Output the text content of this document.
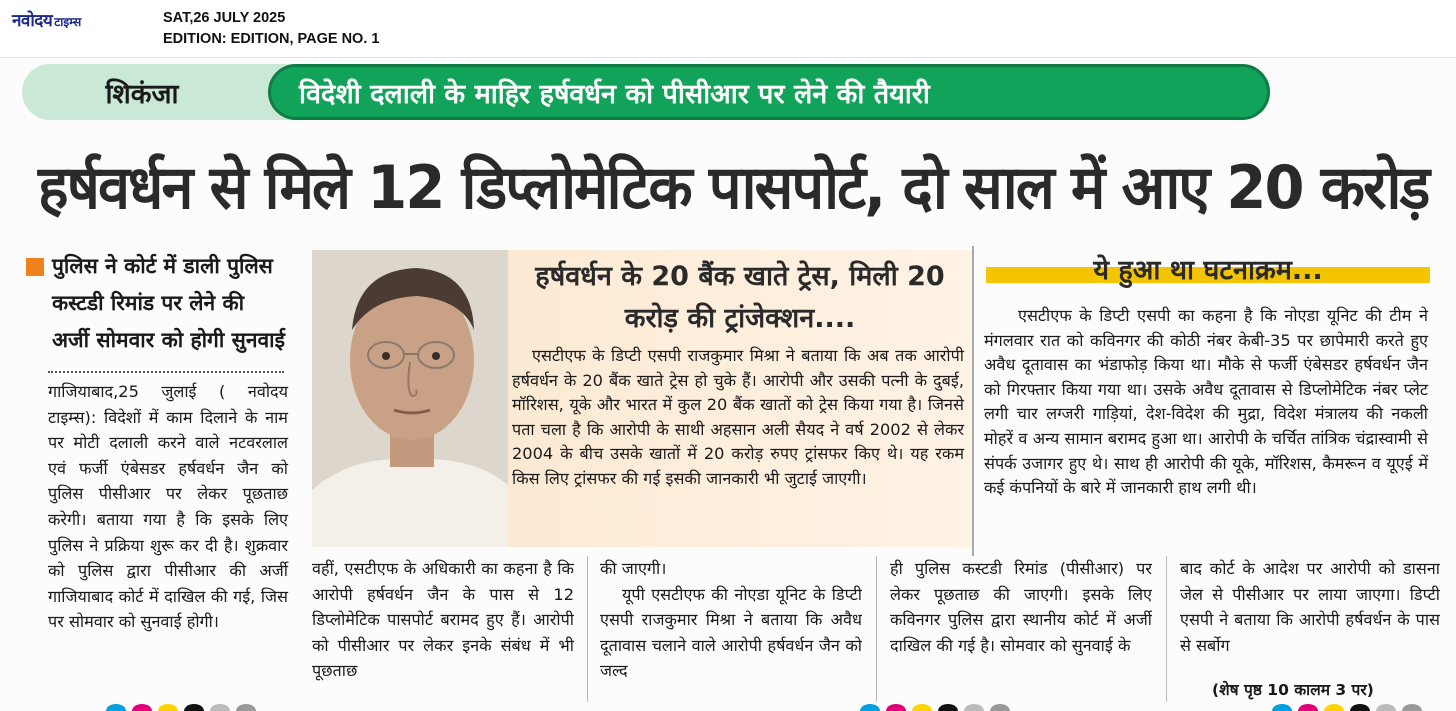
नवोदय टाइम्स	SAT,26 JULY 2025
EDITION: EDITION, PAGE NO. 1
शिकंजा	विदेशी दलाली के माहिर हर्षवर्धन को पीसीआर पर लेने की तैयारी
हर्षवर्धन से मिले 12 डिप्लोमेटिक पासपोर्ट, दो साल में आए 20 करोड़
पुलिस ने कोर्ट में डाली पुलिस कस्टडी रिमांड पर लेने की अर्जी सोमवार को होगी सुनवाई
गाजियाबाद,25 जुलाई ( नवोदय टाइम्स): विदेशों में काम दिलाने के नाम पर मोटी दलाली करने वाले नटवरलाल एवं फर्जी एंबेसडर हर्षवर्धन जैन को पुलिस पीसीआर पर लेकर पूछताछ करेगी। बताया गया है कि इसके लिए पुलिस ने प्रक्रिया शुरू कर दी है। शुक्रवार को पुलिस द्वारा पीसीआर की अर्जी गाजियाबाद कोर्ट में दाखिल की गई, जिस पर सोमवार को सुनवाई होगी।
हर्षवर्धन के 20 बैंक खाते ट्रेस, मिली 20 करोड़ की ट्रांजेक्शन....
एसटीएफ के डिप्टी एसपी राजकुमार मिश्रा ने बताया कि अब तक आरोपी हर्षवर्धन के 20 बैंक खाते ट्रेस हो चुके हैं। आरोपी और उसकी पत्नी के दुबई, मॉरिशस, यूके और भारत में कुल 20 बैंक खातों को ट्रेस किया गया है। जिनसे पता चला है कि आरोपी के साथी अहसान अली सैयद ने वर्ष 2002 से लेकर 2004 के बीच उसके खातों में 20 करोड़ रुपए ट्रांसफर किए थे। यह रकम किस लिए ट्रांसफर की गई इसकी जानकारी भी जुटाई जाएगी।
ये हुआ था घटनाक्रम...
एसटीएफ के डिप्टी एसपी का कहना है कि नोएडा यूनिट की टीम ने मंगलवार रात को कविनगर की कोठी नंबर केबी-35 पर छापेमारी करते हुए अवैध दूतावास का भंडाफोड़ किया था। मौके से फर्जी एंबेसडर हर्षवर्धन जैन को गिरफ्तार किया गया था। उसके अवैध दूतावास से डिप्लोमेटिक नंबर प्लेट लगी चार लग्जरी गाड़ियां, देश-विदेश की मुद्रा, विदेश मंत्रालय की नकली मोहरें व अन्य सामान बरामद हुआ था। आरोपी के चर्चित तांत्रिक चंद्रास्वामी से संपर्क उजागर हुए थे। साथ ही आरोपी की यूके, मॉरिशस, कैमरून व यूएई में कई कंपनियों के बारे में जानकारी हाथ लगी थी।
वहीं, एसटीएफ के अधिकारी का कहना है कि आरोपी हर्षवर्धन जैन के पास से 12 डिप्लोमेटिक पासपोर्ट बरामद हुए हैं। आरोपी को पीसीआर पर लेकर इनके संबंध में भी पूछताछ
की जाएगी।
यूपी एसटीएफ की नोएडा यूनिट के डिप्टी एसपी राजकुमार मिश्रा ने बताया कि अवैध दूतावास चलाने वाले आरोपी हर्षवर्धन जैन को जल्द
ही पुलिस कस्टडी रिमांड (पीसीआर) पर लेकर पूछताछ की जाएगी। इसके लिए कविनगर पुलिस द्वारा स्थानीय कोर्ट में अर्जी दाखिल की गई है। सोमवार को सुनवाई के
बाद कोर्ट के आदेश पर आरोपी को डासना जेल से पीसीआर पर लाया जाएगा। डिप्टी एसपी ने बताया कि आरोपी हर्षवर्धन के पास से सर्बोग
(शेष पृष्ठ 10 कालम 3 पर)
